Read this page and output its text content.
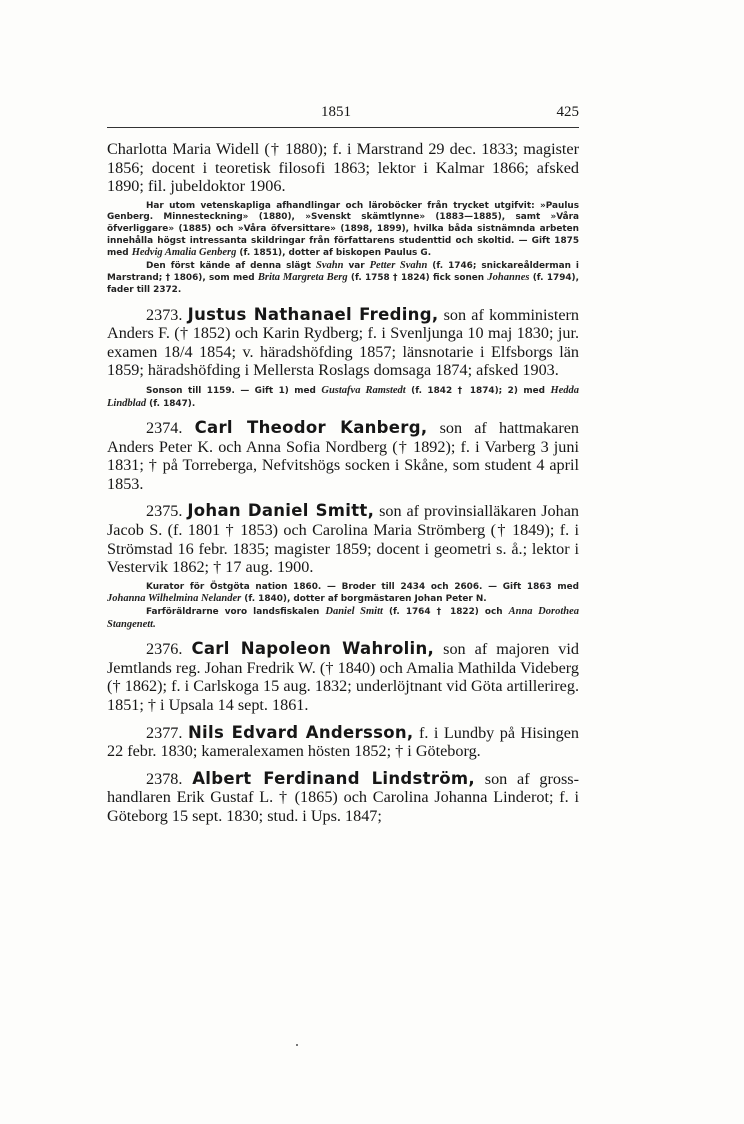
1851	425

Charlotta Maria Widell († 1880); f. i Marstrand 29 dec. 1833; magister 1856; docent i teoretisk filosofi 1863; lektor i Kalmar 1866; afsked 1890; fil. jubeldoktor 1906.

Har utom vetenskapliga afhandlingar och läroböcker från trycket utgifvit: »Paulus Genberg. Minnesteckning» (1880), »Svenskt skämtlynne» (1883—1885), samt »Våra öfverliggare» (1885) och »Våra öfversittare» (1898, 1899), hvilka båda sistnämnda arbeten innehålla högst intressanta skildringar från författarens studenttid och skoltid. — Gift 1875 med Hedvig Amalia Genberg (f. 1851), dotter af biskopen Paulus G.

Den först kände af denna slägt Svahn var Petter Svahn (f. 1746; snickareålderman i Marstrand; † 1806), som med Brita Margreta Berg (f. 1758 † 1824) fick sonen Johannes (f. 1794), fader till 2372.

2373. Justus Nathanael Freding, son af komministern Anders F. († 1852) och Karin Rydberg; f. i Svenljunga 10 maj 1830; jur. examen 18/4 1854; v. häradshöfding 1857; länsnotarie i Elfsborgs län 1859; häradshöfding i Mellersta Roslags domsaga 1874; afsked 1903.

Sonson till 1159. — Gift 1) med Gustafva Ramstedt (f. 1842 † 1874); 2) med Hedda Lindblad (f. 1847).

2374. Carl Theodor Kanberg, son af hattmakaren Anders Peter K. och Anna Sofia Nordberg († 1892); f. i Varberg 3 juni 1831; † på Torreberga, Nefvitshögs socken i Skåne, som student 4 april 1853.

2375. Johan Daniel Smitt, son af provinsialläkaren Johan Jacob S. (f. 1801 † 1853) och Carolina Maria Strömberg († 1849); f. i Strömstad 16 febr. 1835; magister 1859; docent i geometri s. å.; lektor i Vestervik 1862; † 17 aug. 1900.

Kurator för Östgöta nation 1860. — Broder till 2434 och 2606. — Gift 1863 med Johanna Wilhelmina Nelander (f. 1840), dotter af borgmästaren Johan Peter N.

Farföräldrarne voro landsfiskalen Daniel Smitt (f. 1764 † 1822) och Anna Dorothea Stangenett.

2376. Carl Napoleon Wahrolin, son af majoren vid Jemtlands reg. Johan Fredrik W. († 1840) och Amalia Mathilda Videberg († 1862); f. i Carlskoga 15 aug. 1832; underlöjtnant vid Göta artillerireg. 1851; † i Upsala 14 sept. 1861.

2377. Nils Edvard Andersson, f. i Lundby på Hisingen 22 febr. 1830; kameralexamen hösten 1852; † i Göteborg.

2378. Albert Ferdinand Lindström, son af grosshandlaren Erik Gustaf L. † (1865) och Carolina Johanna Linderot; f. i Göteborg 15 sept. 1830; stud. i Ups. 1847;
